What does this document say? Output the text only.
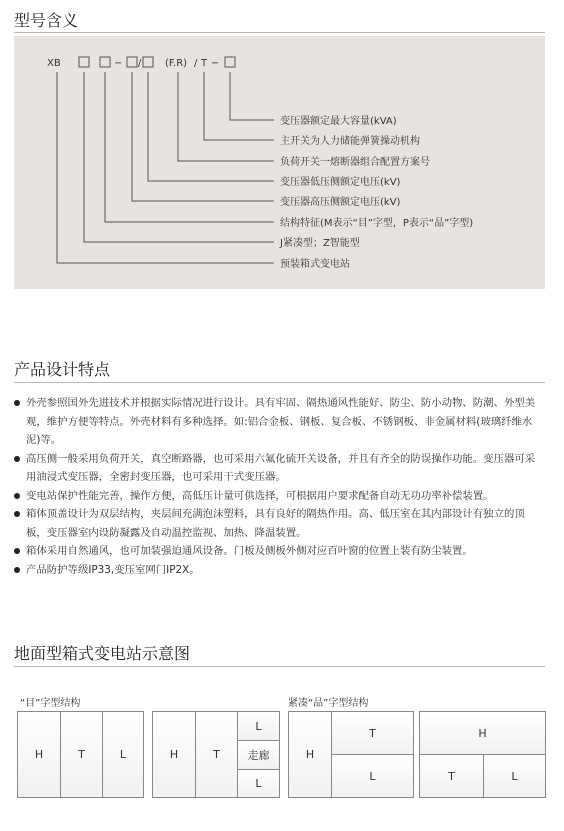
型号含义
XB	− / (F.R) / T −
变压器额定最大容量(kVA)
主开关为人力储能弹簧操动机构
负荷开关一熔断器组合配置方案号
变压器低压侧额定电压(kV)
变压器高压侧额定电压(kV)
结构特征(M表示“目”字型，P表示“品”字型)
J紧凑型；Z智能型
预装箱式变电站
产品设计特点
外壳参照国外先进技术并根据实际情况进行设计。具有牢固、隔热通风性能好、防尘、防小动物、防潮、外型美观，维护方便等特点。外壳材料有多种选择。如:铝合金板、钢板、复合板、不锈钢板、非金属材料(玻璃纤维水泥)等。
高压侧一般采用负荷开关，真空断路器，也可采用六氟化硫开关设备，并且有齐全的防误操作功能。变压器可采用油浸式变压器，全密封变压器，也可采用干式变压器。
变电站保护性能完善，操作方便，高低压计量可供选择，可根据用户要求配备自动无功功率补偿装置。
箱体顶盖设计为双层结构，夹层间充满泡沫塑料，具有良好的隔热作用。高、低压室在其内部设计有独立的顶板，变压器室内设防凝露及自动温控监视、加热、降温装置。
箱体采用自然通风，也可加装强迫通风设备。门板及侧板外侧对应百叶窗的位置上装有防尘装置。
产品防护等级IP33,变压室网门IP2X。
地面型箱式变电站示意图
“目”字型结构	紧凑“品”字型结构
H	T	L	H	T
L
走廊
L
H
T
L
H
T	L
